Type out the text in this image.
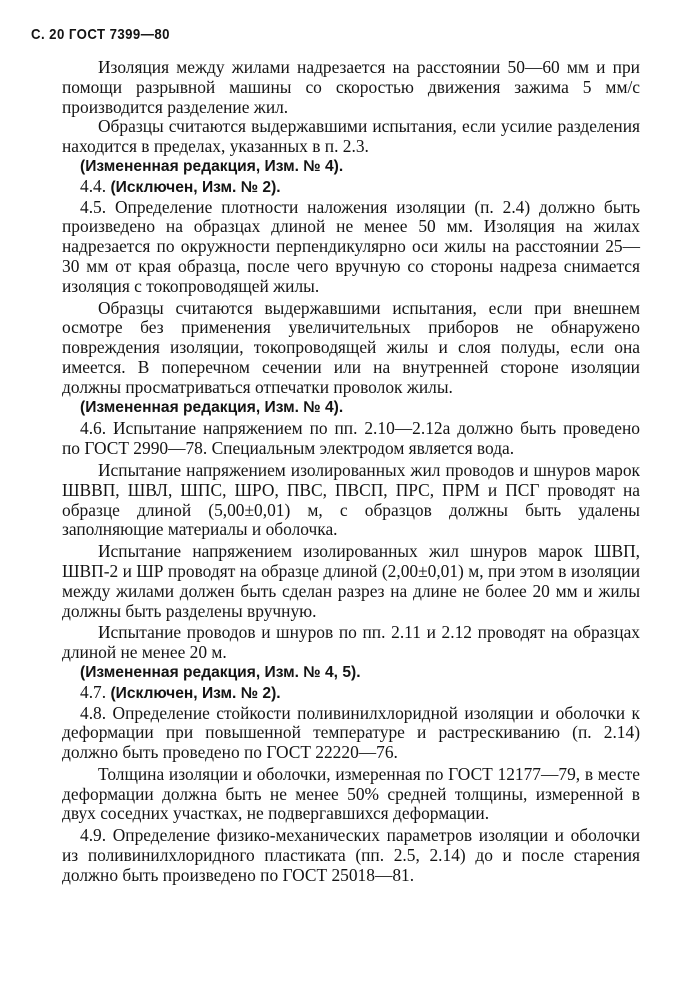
С. 20 ГОСТ 7399—80

Изоляция между жилами надрезается на расстоянии 50—60 мм и при помощи разрывной машины со скоростью движения зажима 5 мм/с производится разделение жил.

Образцы считаются выдержавшими испытания, если усилие разделения находится в пределах, указанных в п. 2.3.

(Измененная редакция, Изм. № 4).

4.4. (Исключен, Изм. № 2).

4.5. Определение плотности наложения изоляции (п. 2.4) должно быть произведено на образцах длиной не менее 50 мм. Изоляция на жилах надрезается по окружности перпендикулярно оси жилы на расстоянии 25—30 мм от края образца, после чего вручную со стороны надреза снимается изоляция с токопроводящей жилы.

Образцы считаются выдержавшими испытания, если при внешнем осмотре без применения увеличительных приборов не обнаружено повреждения изоляции, токопроводящей жилы и слоя полуды, если она имеется. В поперечном сечении или на внутренней стороне изоляции должны просматриваться отпечатки проволок жилы.

(Измененная редакция, Изм. № 4).

4.6. Испытание напряжением по пп. 2.10—2.12а должно быть проведено по ГОСТ 2990—78. Специальным электродом является вода.

Испытание напряжением изолированных жил проводов и шнуров марок ШВВП, ШВЛ, ШПС, ШРО, ПВС, ПВСП, ПРС, ПРМ и ПСГ проводят на образце длиной (5,00±0,01) м, с образцов должны быть удалены заполняющие материалы и оболочка.

Испытание напряжением изолированных жил шнуров марок ШВП, ШВП-2 и ШР проводят на образце длиной (2,00±0,01) м, при этом в изоляции между жилами должен быть сделан разрез на длине не более 20 мм и жилы должны быть разделены вручную.

Испытание проводов и шнуров по пп. 2.11 и 2.12 проводят на образцах длиной не менее 20 м.

(Измененная редакция, Изм. № 4, 5).

4.7. (Исключен, Изм. № 2).

4.8. Определение стойкости поливинилхлоридной изоляции и оболочки к деформации при повышенной температуре и растрескиванию (п. 2.14) должно быть проведено по ГОСТ 22220—76.

Толщина изоляции и оболочки, измеренная по ГОСТ 12177—79, в месте деформации должна быть не менее 50% средней толщины, измеренной в двух соседних участках, не подвергавшихся деформации.

4.9. Определение физико-механических параметров изоляции и оболочки из поливинилхлоридного пластиката (пп. 2.5, 2.14) до и после старения должно быть произведено по ГОСТ 25018—81.
